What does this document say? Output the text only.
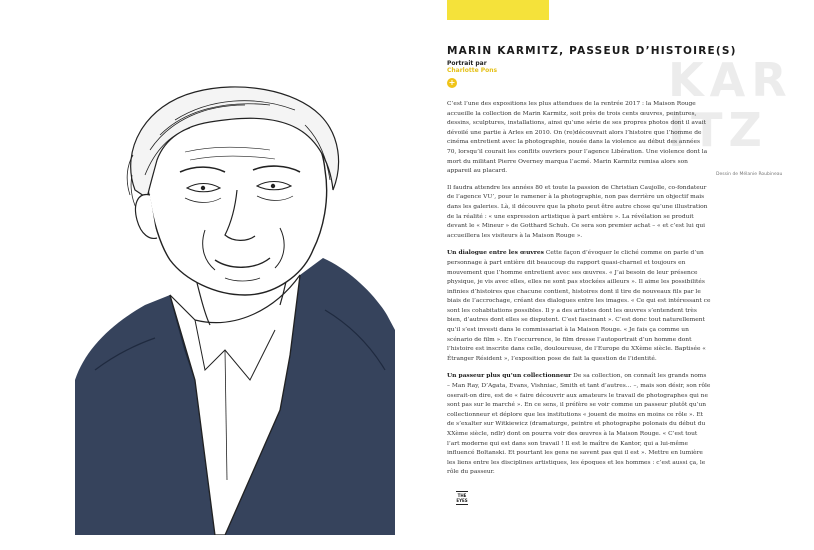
MARIN KARMITZ, PASSEUR D’HISTOIRE(S)
Portrait par
Charlotte Pons
+	KAR
ITZ
Dessin de Mélanie Roubineau

C’est l’une des expositions les plus attendues de la rentrée 2017 : la Maison Rouge accueille la collection de Marin Karmitz, soit près de trois cents œuvres, peintures, dessins, sculptures, installations, ainsi qu’une série de ses propres photos dont il avait dévoilé une partie à Arles en 2010. On (re)découvrait alors l’histoire que l’homme de cinéma entretient avec la photographie, nouée dans la violence au début des années 70, lorsqu’il courait les conflits ouvriers pour l’agence Libération. Une violence dont la mort du militant Pierre Overney marqua l’acmé. Marin Karmitz remisa alors son appareil au placard.

Il faudra attendre les années 80 et toute la passion de Christian Caujolle, co-fondateur de l’agence VU’, pour le ramener à la photographie, non pas derrière un objectif mais dans les galeries. Là, il découvre que la photo peut être autre chose qu’une illustration de la réalité : « une expression artistique à part entière ». La révélation se produit devant le « Mineur » de Gotthard Schuh. Ce sera son premier achat – « et c’est lui qui accueillera les visiteurs à la Maison Rouge ».

Un dialogue entre les œuvres Cette façon d’évoquer le cliché comme on parle d’un personnage à part entière dit beaucoup du rapport quasi-charnel et toujours en mouvement que l’homme entretient avec ses œuvres. « J’ai besoin de leur présence physique, je vis avec elles, elles ne sont pas stockées ailleurs ». Il aime les possibilités infinies d’histoires que chacune contient, histoires dont il tire de nouveaux fils par le biais de l’accrochage, créant des dialogues entre les images. « Ce qui est intéressant ce sont les cohabitations possibles. Il y a des artistes dont les œuvres s’entendent très bien, d’autres dont elles se disputent. C’est fascinant ». C’est donc tout naturellement qu’il s’est investi dans le commissariat à la Maison Rouge. « Je fais ça comme un scénario de film ». En l’occurrence, le film dresse l’autoportrait d’un homme dont l’histoire est inscrite dans celle, douloureuse, de l’Europe du XXème siècle. Baptisée « Étranger Résident », l’exposition pose de fait la question de l’identité.

Un passeur plus qu’un collectionneur De sa collection, on connaît les grands noms – Man Ray, D’Agata, Evans, Vishniac, Smith et tant d’autres… –, mais son désir, son rôle oserait-on dire, est de « faire découvrir aux amateurs le travail de photographes qui ne sont pas sur le marché ». En ce sens, il préfère se voir comme un passeur plutôt qu’un collectionneur et déplore que les institutions « jouent de moins en moins ce rôle ». Et de s’exalter sur Witkiewicz (dramaturge, peintre et photographe polonais du début du XXème siècle, ndlr) dont on pourra voir des œuvres à la Maison Rouge. « C’est tout l’art moderne qui est dans son travail ! Il est le maître de Kantor, qui a lui-même influencé Boltanski. Et pourtant les gens ne savent pas qui il est ». Mettre en lumière les liens entre les disciplines artistiques, les époques et les hommes : c’est aussi ça, le rôle du passeur.

THE
EYES
